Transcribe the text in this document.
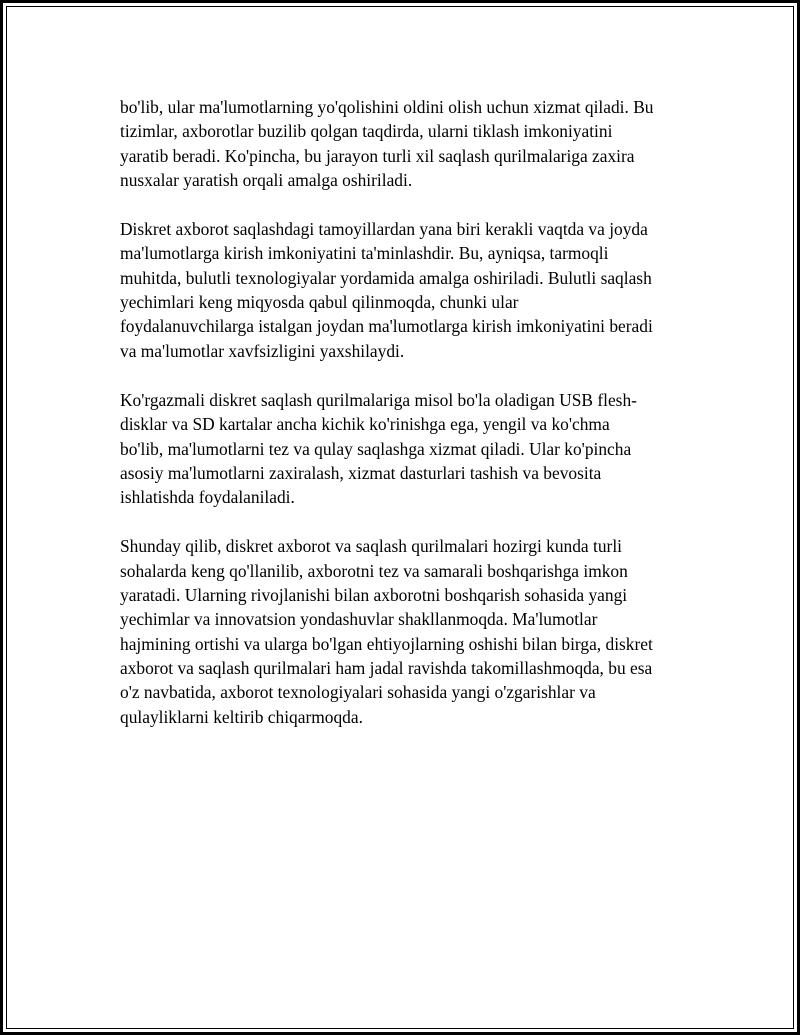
bo'lib, ular ma'lumotlarning yo'qolishini oldini olish uchun xizmat qiladi. Bu
tizimlar, axborotlar buzilib qolgan taqdirda, ularni tiklash imkoniyatini
yaratib beradi. Ko'pincha, bu jarayon turli xil saqlash qurilmalariga zaxira
nusxalar yaratish orqali amalga oshiriladi.

Diskret axborot saqlashdagi tamoyillardan yana biri kerakli vaqtda va joyda
ma'lumotlarga kirish imkoniyatini ta'minlashdir. Bu, ayniqsa, tarmoqli
muhitda, bulutli texnologiyalar yordamida amalga oshiriladi. Bulutli saqlash
yechimlari keng miqyosda qabul qilinmoqda, chunki ular
foydalanuvchilarga istalgan joydan ma'lumotlarga kirish imkoniyatini beradi
va ma'lumotlar xavfsizligini yaxshilaydi.

Ko'rgazmali diskret saqlash qurilmalariga misol bo'la oladigan USB flesh-
disklar va SD kartalar ancha kichik ko'rinishga ega, yengil va ko'chma
bo'lib, ma'lumotlarni tez va qulay saqlashga xizmat qiladi. Ular ko'pincha
asosiy ma'lumotlarni zaxiralash, xizmat dasturlari tashish va bevosita
ishlatishda foydalaniladi.

Shunday qilib, diskret axborot va saqlash qurilmalari hozirgi kunda turli
sohalarda keng qo'llanilib, axborotni tez va samarali boshqarishga imkon
yaratadi. Ularning rivojlanishi bilan axborotni boshqarish sohasida yangi
yechimlar va innovatsion yondashuvlar shakllanmoqda. Ma'lumotlar
hajmining ortishi va ularga bo'lgan ehtiyojlarning oshishi bilan birga, diskret
axborot va saqlash qurilmalari ham jadal ravishda takomillashmoqda, bu esa
o'z navbatida, axborot texnologiyalari sohasida yangi o'zgarishlar va
qulayliklarni keltirib chiqarmoqda.
